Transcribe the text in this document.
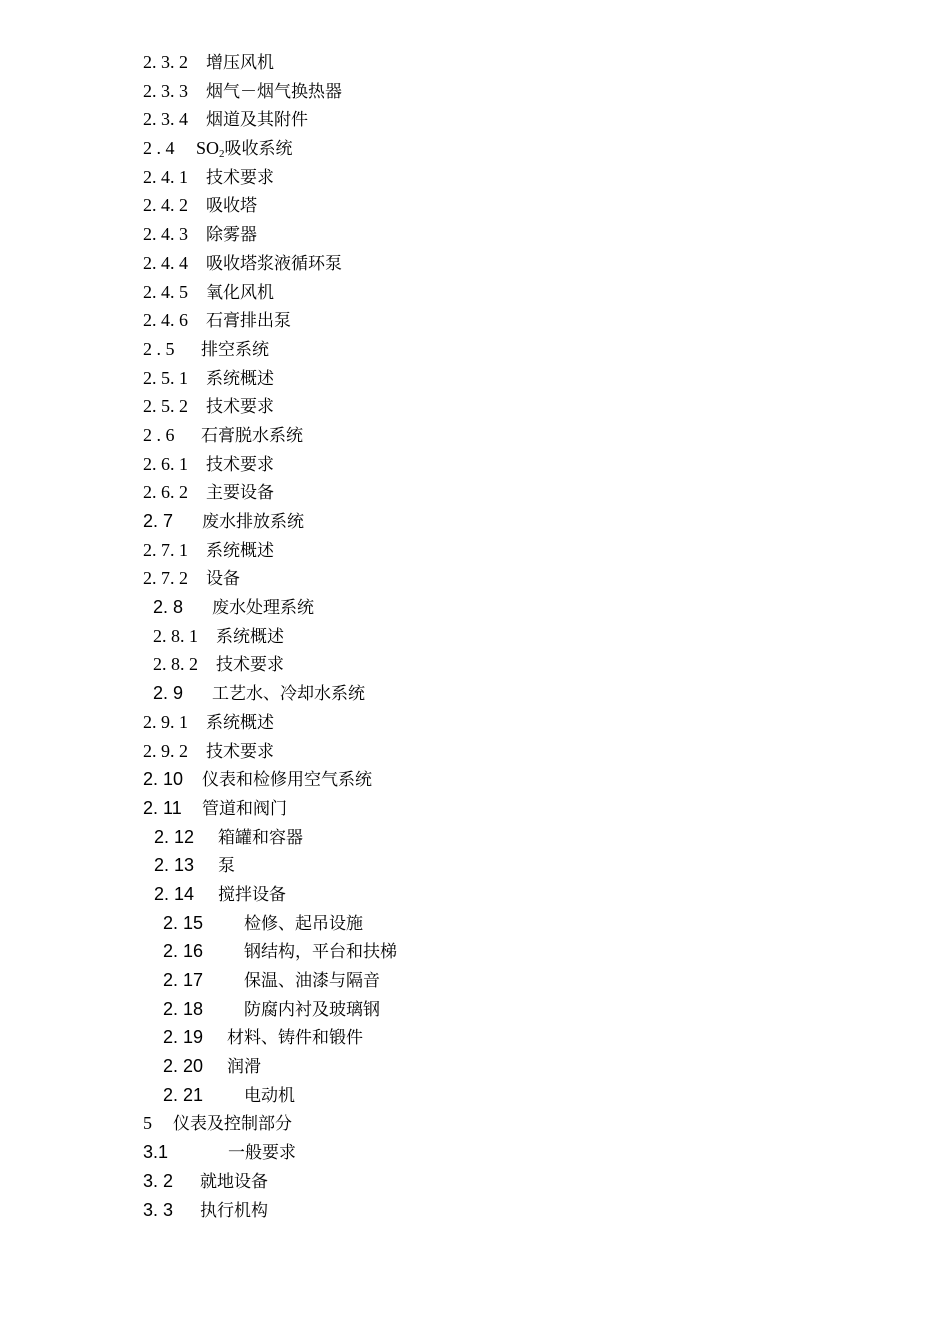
2. 3. 2 增压风机
2. 3. 3 烟气－烟气换热器
2. 3. 4 烟道及其附件
2 . 4 SO2吸收系统
2. 4. 1 技术要求
2. 4. 2 吸收塔
2. 4. 3 除雾器
2. 4. 4 吸收塔浆液循环泵
2. 4. 5 氧化风机
2. 4. 6 石膏排出泵
2 . 5 排空系统
2. 5. 1 系统概述
2. 5. 2 技术要求
2 . 6 石膏脱水系统
2. 6. 1 技术要求
2. 6. 2 主要设备
2. 7 废水排放系统
2. 7. 1 系统概述
2. 7. 2 设备
2. 8 废水处理系统
2. 8. 1 系统概述
2. 8. 2 技术要求
2. 9 工艺水、冷却水系统
2. 9. 1 系统概述
2. 9. 2 技术要求
2. 10 仪表和检修用空气系统
2. 11 管道和阀门
2. 12 箱罐和容器
2. 13 泵
2. 14 搅拌设备
2. 15 检修、起吊设施
2. 16 钢结构，平台和扶梯
2. 17 保温、油漆与隔音
2. 18 防腐内衬及玻璃钢
2. 19 材料、铸件和锻件
2. 20 润滑
2. 21 电动机
5 仪表及控制部分
3.1	一般要求
3. 2 就地设备
3. 3 执行机构
